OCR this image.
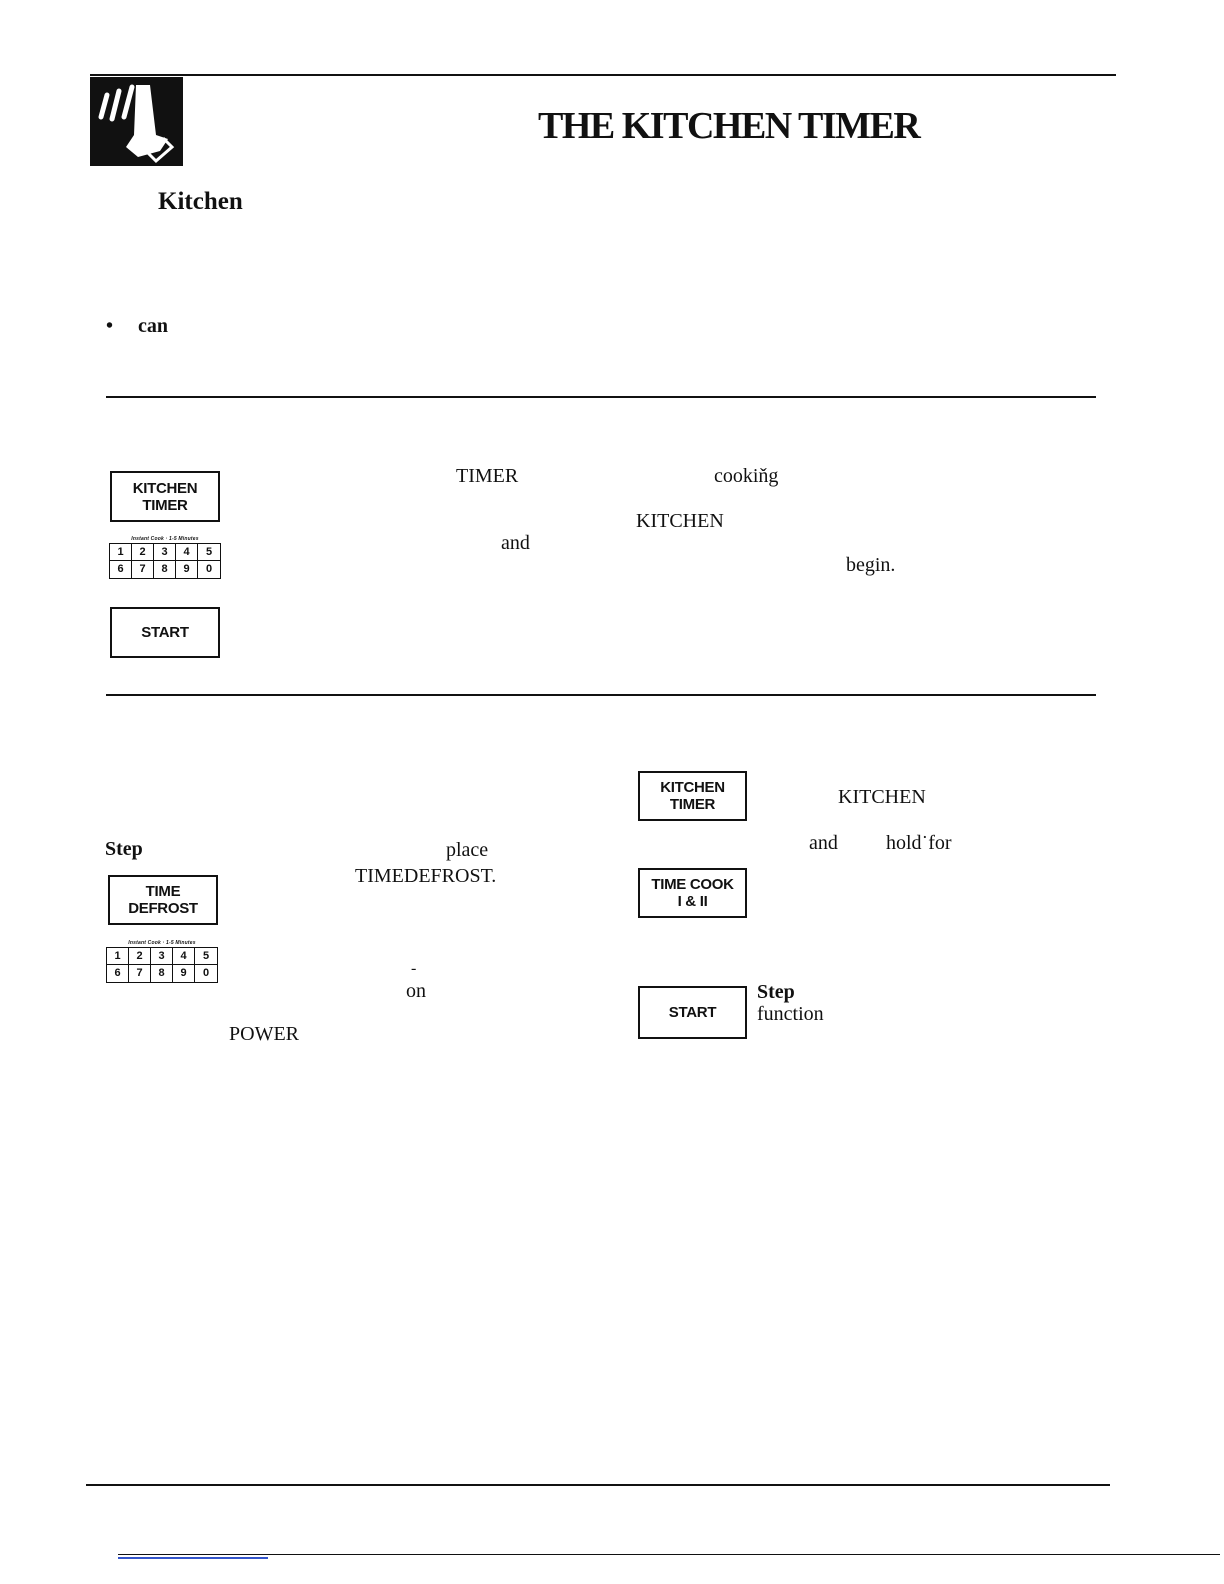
THE KITCHEN TIMER
Kitchen
• can
KITCHEN
TIMER
Instant Cook · 1-5 Minutes
1	2	3	4	5
6	7	8	9	0
START
TIMER	cookiňg
KITCHEN
and
begin.
Step	place
TIMEDEFROST.
TIME
DEFROST
Instant Cook · 1-5 Minutes
1	2	3	4	5
6	7	8	9	0	-
on
POWER
KITCHEN
TIMER	KITCHEN
and hold˙for
TIME COOK
I & II
START
Step
function
